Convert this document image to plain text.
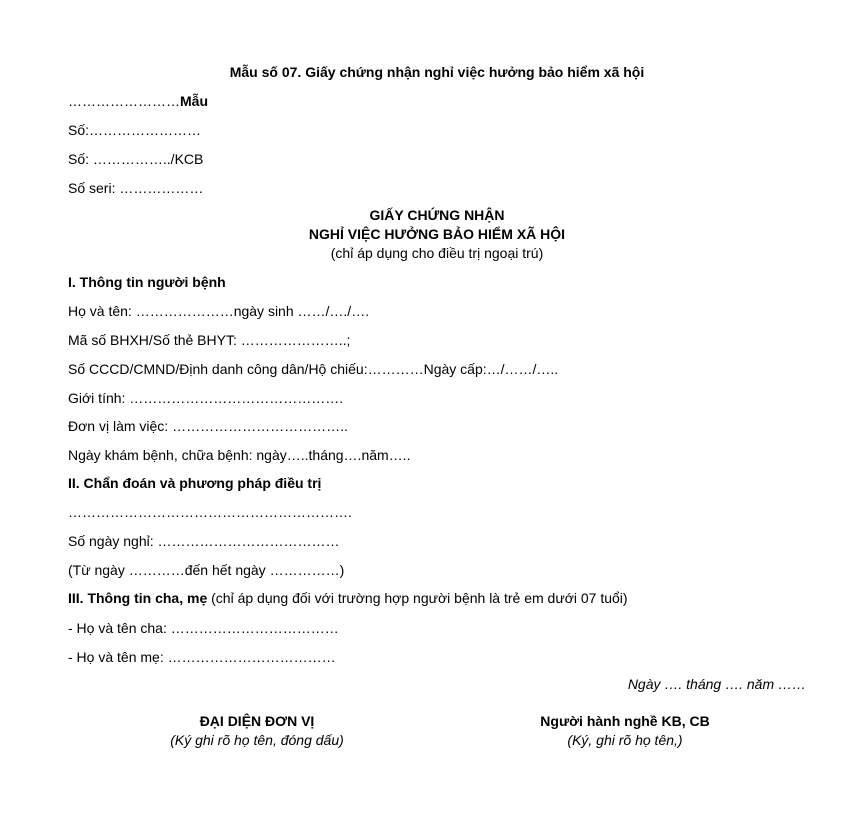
Mẫu số 07. Giấy chứng nhận nghỉ việc hưởng bảo hiểm xã hội
……………………Mẫu
Số:……………………
Số: ……………../KCB
Số seri: ………………
GIẤY CHỨNG NHẬN
NGHỈ VIỆC HƯỞNG BẢO HIỂM XÃ HỘI
(chỉ áp dụng cho điều trị ngoại trú)
I. Thông tin người bệnh
Họ và tên: …………………ngày sinh ……/…./….
Mã số BHXH/Số thẻ BHYT: …………………..;
Số CCCD/CMND/Định danh công dân/Hộ chiếu:…………Ngày cấp:…/……/…..
Giới tính: ……………………………………….
Đơn vị làm việc: ………………………………..
Ngày khám bệnh, chữa bệnh: ngày…..tháng….năm…..
II. Chẩn đoán và phương pháp điều trị
…………………………………………………….
Số ngày nghỉ: …………………………………
(Từ ngày …………đến hết ngày ……………)
III. Thông tin cha, mẹ (chỉ áp dụng đối với trường hợp người bệnh là trẻ em dưới 07 tuổi)
- Họ và tên cha: ………………………………
- Họ và tên mẹ: ………………………………
Ngày …. tháng …. năm ……
ĐẠI DIỆN ĐƠN VỊ
(Ký ghi rõ họ tên, đóng dấu)
Người hành nghề KB, CB
(Ký, ghi rõ họ tên,)
